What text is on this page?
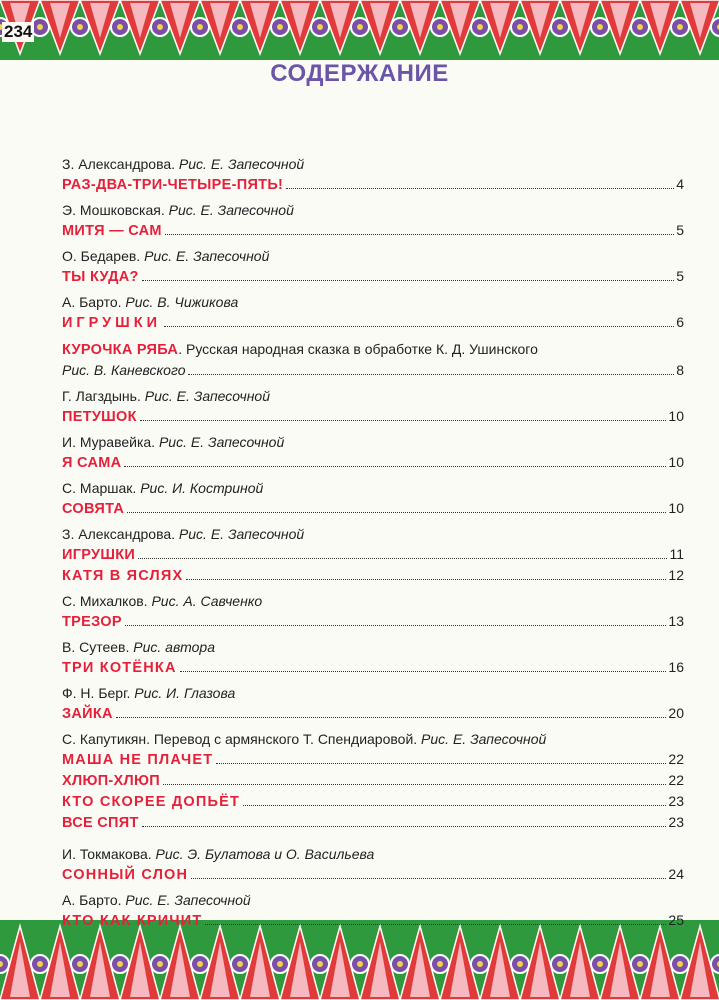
234
СОДЕРЖАНИЕ
З. Александрова. Рис. Е. Запесочной
РАЗ-ДВА-ТРИ-ЧЕТЫРЕ-ПЯТЬ!	4
Э. Мошковская. Рис. Е. Запесочной
МИТЯ — САМ	5
О. Бедарев. Рис. Е. Запесочной
ТЫ КУДА?	5
А. Барто. Рис. В. Чижикова
ИГРУШКИ	6
КУРОЧКА РЯБА . Русская народная сказка в обработке К. Д. Ушинского
Рис. В. Каневского	8
Г. Лагздынь. Рис. Е. Запесочной
ПЕТУШОК	10
И. Муравейка. Рис. Е. Запесочной
Я САМА	10
С. Маршак. Рис. И. Костриной
СОВЯТА	10
З. Александрова. Рис. Е. Запесочной
ИГРУШКИ	11
КАТЯ В ЯСЛЯХ	12
С. Михалков. Рис. А. Савченко
ТРЕЗОР	13
В. Сутеев. Рис. автора
ТРИ КОТЁНКА	16
Ф. Н. Берг. Рис. И. Глазова
ЗАЙКА	20
С. Капутикян. Перевод с армянского Т. Спендиаровой. Рис. Е. Запесочной
МАША НЕ ПЛАЧЕТ	22
ХЛЮП-ХЛЮП	22
КТО СКОРЕЕ ДОПЬЁТ	23
ВСЕ СПЯТ	23
И. Токмакова. Рис. Э. Булатова и О. Васильева
СОННЫЙ СЛОН	24
А. Барто. Рис. Е. Запесочной
КТО КАК КРИЧИТ	25
